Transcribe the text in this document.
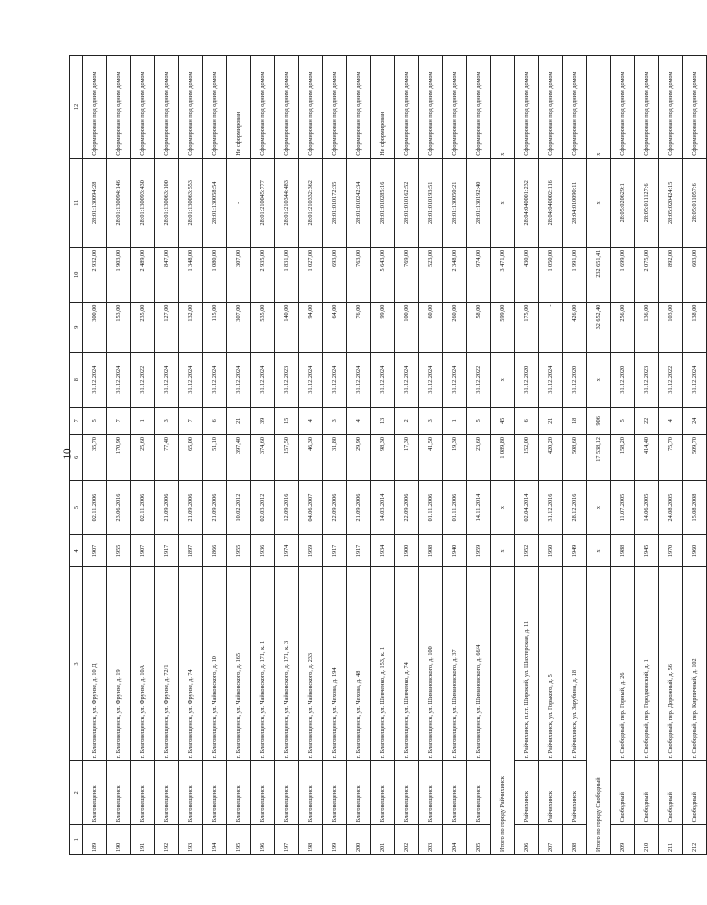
10
1	2	3	4	5	6	7	8	9	10	11	12
189	Благовещенск	г. Благовещенск, ул. Фрунзе, д. 10 Д	1907	02.11.2006	35,70	5	31.12.2024	300,00	2 932,00	28:01:130094:28	Сформирован под одним домом
190	Благовещенск	г. Благовещенск, ул. Фрунзе, д. 19	1955	23.06.2016	170,90	7	31.12.2024	153,00	1 903,00	28:01:130094:146	Сформирован под одним домом
191	Благовещенск	г. Благовещенск, ул. Фрунзе, д. 10А	1907	02.11.2006	25,60	1	31.12.2022	235,00	2 489,00	28:01:130093:430	Сформирован под одним домом
192	Благовещенск	г. Благовещенск, ул. Фрунзе, д. 72/1	1917	21.09.2006	77,40	3	31.12.2024	127,00	847,00	28:01:130063:100	Сформирован под одним домом
193	Благовещенск	г. Благовещенск, ул. Фрунзе, д. 74	1897	21.09.2006	65,00	7	31.12.2024	132,00	1 348,00	28:01:130063:553	Сформирован под одним домом
194	Благовещенск	г. Благовещенск, ул. Чайковского, д. 10	1866	21.09.2006	51,10	6	31.12.2024	115,00	1 080,00	28:01:130058:54	Сформирован под одним домом
195	Благовещенск	г. Благовещенск, ул. Чайковского, д. 165	1955	10.02.2012	397,40	21	31.12.2024	307,00	307,00	-	Не сформирован
196	Благовещенск	г. Благовещенск, ул. Чайковского, д. 171, к. 1	1936	02.03.2012	374,60	39	31.12.2024	535,00	2 935,00	28:01:210045:777	Сформирован под одним домом
197	Благовещенск	г. Благовещенск, ул. Чайковского, д. 171, к. 3	1974	12.09.2016	157,50	15	31.12.2023	140,00	1 831,00	28:01:210344:483	Сформирован под одним домом
198	Благовещенск	г. Благовещенск, ул. Чайковского, д. 233	1959	04.06.2007	46,30	4	31.12.2024	94,00	1 027,00	28:01:210332:362	Сформирован под одним домом
199	Благовещенск	г. Благовещенск, ул. Чехова, д. 194	1917	22.09.2006	31,80	3	31.12.2024	64,00	693,00	28:01:010172:35	Сформирован под одним домом
200	Благовещенск	г. Благовещенск, ул. Чехова, д. 48	1917	21.09.2006	29,90	4	31.12.2024	76,00	763,00	28:01:010242:34	Сформирован под одним домом
201	Благовещенск	г. Благовещенск, ул. Шевченко, д. 153, к. 1	1934	14.03.2014	98,30	13	31.12.2024	99,00	5 643,00	28:01:010285:16	Не сформирован
202	Благовещенск	г. Благовещенск, ул. Шевченко, д. 74	1900	22.09.2006	17,30	2	31.12.2024	100,00	769,00	28:01:010162:52	Сформирован под одним домом
203	Благовещенск	г. Благовещенск, ул. Шимановского, д. 100	1908	01.11.2006	41,50	3	31.12.2024	60,00	523,00	28:01:010193:51	Сформирован под одним домом
204	Благовещенск	г. Благовещенск, ул. Шимановского, д. 37	1940	01.11.2006	19,30	1	31.12.2024	260,00	2 348,00	28:01:130050:21	Сформирован под одним домом
205	Благовещенск	г. Благовещенск, ул. Шимановского, д. 66/4	1959	14.11.2014	23,60	5	31.12.2022	58,00	974,00	28:01:130192:40	Сформирован под одним домом
Итого по городу Райчихинск			x	x	1 089,80	45	x	599,00	3 471,00	x	x
206	Райчихинск	г. Райчихинск, п.г.т. Широкий, ул. Шахтерская, д. 11	1952	02.04.2014	152,00	6	31.12.2020	175,00	430,00	28:04:040001:232	Сформирован под одним домом
207	Райчихинск	г. Райчихинск, ул. Горького, д. 5	1950	31.12.2016	420,20	21	31.12.2024	-	1 050,00	28:04:040002:116	Сформирован под одним домом
208	Райчихинск	г. Райчихинск, ул. Зарубина, д. 18	1949	28.12.2016	508,60	18	31.12.2020	426,00	1 991,00	28:04:010090:11	Сформирован под одним домом
Итого по городу Свободный			x	x	17 538,12	906	x	32 652,40	232 651,41	x	x
209	Свободный	г. Свободный, пер. Горный, д. 26	1988	11.07.2005	158,20	5	31.12.2020	256,00	1 699,00	28:05:020629:1	Сформирован под одним домом
210	Свободный	г. Свободный, пер. Городковский, д. 1	1945	14.06.2005	414,40	22	31.12.2023	136,00	2 075,00	28:05:011127:6	Сформирован под одним домом
211	Свободный	г. Свободный, пер. Дорожный, д. 56	1970	24.08.2005	75,70	4	31.12.2022	103,00	892,00	28:05:020424:15	Сформирован под одним домом
212	Свободный	г. Свободный, пер. Кирпичный, д. 102	1960	15.08.2008	509,70	24	31.12.2024	138,00	603,00	28:05:011057:6	Сформирован под одним домом
